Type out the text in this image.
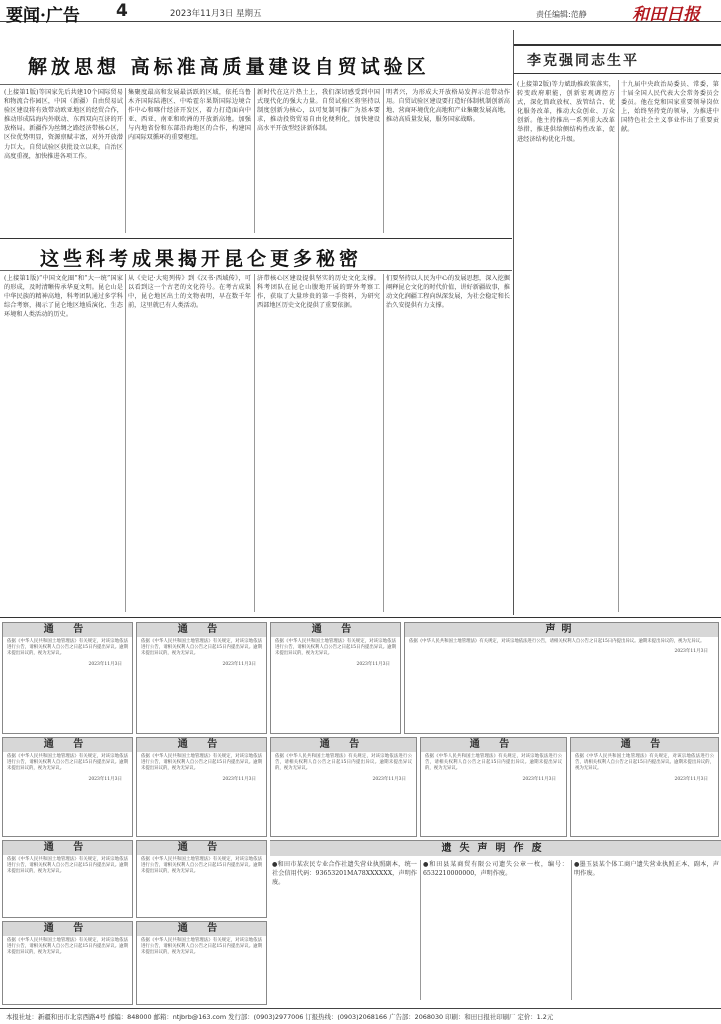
要闻·广告 4	2023年11月3日 星期五	责任编辑:范静	和田日报
解放思想 高标准高质量建设自贸试验区

(上接第1版)等国家先后共建10个国际贸易和物流合作园区，中国（新疆）自由贸易试验区建设将有效带动欧亚地区的经贸合作，推动形成陆海内外联动、东西双向互济的开放格局。新疆作为丝绸之路经济带核心区，区位优势明显，资源禀赋丰富，对外开放潜力巨大。自贸试验区获批设立以来，自治区高度重视，加快推进各项工作。

集聚度最高和发展最活跃的区域，依托乌鲁木齐国际陆港区、中哈霍尔果斯国际边境合作中心和喀什经济开发区，着力打造面向中亚、西亚、南亚和欧洲的开放新高地。加强与内地省份和东部沿海地区的合作，构建国内国际双循环的重要枢纽。

新时代在这片热土上，我们深切感受到中国式现代化的强大力量。自贸试验区将坚持以制度创新为核心，以可复制可推广为基本要求，推动投资贸易自由化便利化，加快建设高水平开放型经济新体制。

明者兴，为形成大开放格局发挥示范带动作用。自贸试验区建设要打造好体制机制创新高地、营商环境优化高地和产业集聚发展高地，推动高质量发展，服务国家战略。

李克强同志生平

(上接第2版)等力斌助推政策落实，转变政府职能，创新宏观调控方式，深化简政放权、放管结合、优化服务改革，推动大众创业、万众创新。他主持推出一系列重大改革举措，推进供给侧结构性改革，促进经济结构优化升级。

十九届中央政治局委员、常委，第十届全国人民代表大会常务委员会委员。他在党和国家重要领导岗位上，始终坚持党的领导，为推进中国特色社会主义事业作出了重要贡献。

这些科考成果揭开昆仑更多秘密

(上接第1版)“中国文化圈”和“大一统”国家的形成，及时清晰传承华夏文明。昆仑山是中华民族的精神高地，科考团队通过多学科综合考察，揭示了昆仑地区地质演化、生态环境和人类活动的历史。

从《史记·大宛列传》到《汉书·西域传》，可以看到这一个古老的文化符号。在考古成果中，昆仑地区出土的文物表明，早在数千年前，这里就已有人类活动。

济带核心区建设提供坚实的历史文化支撑。科考团队在昆仑山腹地开展的野外考察工作，获取了大量珍贵的第一手资料，为研究西部地区历史文化提供了重要依据。

们要坚持以人民为中心的发展思想，深入挖掘阐释昆仑文化的时代价值，讲好新疆故事，推动文化润疆工程向纵深发展，为社会稳定和长治久安提供有力支撑。

通 告

依据《中华人民共和国土地管理法》有关规定，对该宗地依法进行公告，请相关权利人自公告之日起15日内提出异议。逾期未提出异议的，视为无异议。

2023年11月3日
通 告

依据《中华人民共和国土地管理法》有关规定，对该宗地依法进行公告，请相关权利人自公告之日起15日内提出异议。逾期未提出异议的，视为无异议。

2023年11月3日
通 告

依据《中华人民共和国土地管理法》有关规定，对该宗地依法进行公告，请相关权利人自公告之日起15日内提出异议。逾期未提出异议的，视为无异议。

2023年11月3日
声明

依据《中华人民共和国土地管理法》有关规定，对该宗地依法进行公告，请相关权利人自公告之日起15日内提出异议。逾期未提出异议的，视为无异议。

2023年11月3日
通 告

依据《中华人民共和国土地管理法》有关规定，对该宗地依法进行公告，请相关权利人自公告之日起15日内提出异议。逾期未提出异议的，视为无异议。

2023年11月3日
通 告

依据《中华人民共和国土地管理法》有关规定，对该宗地依法进行公告，请相关权利人自公告之日起15日内提出异议。逾期未提出异议的，视为无异议。

2023年11月3日
通 告

依据《中华人民共和国土地管理法》有关规定，对该宗地依法进行公告，请相关权利人自公告之日起15日内提出异议。逾期未提出异议的，视为无异议。

2023年11月3日
通 告

依据《中华人民共和国土地管理法》有关规定，对该宗地依法进行公告，请相关权利人自公告之日起15日内提出异议。逾期未提出异议的，视为无异议。

2023年11月3日
通 告

依据《中华人民共和国土地管理法》有关规定，对该宗地依法进行公告，请相关权利人自公告之日起15日内提出异议。逾期未提出异议的，视为无异议。

2023年11月3日
通 告

依据《中华人民共和国土地管理法》有关规定，对该宗地依法进行公告，请相关权利人自公告之日起15日内提出异议。逾期未提出异议的，视为无异议。

通 告

依据《中华人民共和国土地管理法》有关规定，对该宗地依法进行公告，请相关权利人自公告之日起15日内提出异议。逾期未提出异议的，视为无异议。

通 告

依据《中华人民共和国土地管理法》有关规定，对该宗地依法进行公告，请相关权利人自公告之日起15日内提出异议。逾期未提出异议的，视为无异议。

通 告

依据《中华人民共和国土地管理法》有关规定，对该宗地依法进行公告，请相关权利人自公告之日起15日内提出异议。逾期未提出异议的，视为无异议。

遗失声明作废

●和田市某农民专业合作社遗失营业执照副本，统一社会信用代码：93653201MA78XXXXXX，声明作废。

●和田县某商贸有限公司遗失公章一枚，编号：6532210000000，声明作废。

●墨玉县某个体工商户遗失营业执照正本、副本，声明作废。

本报社址：新疆和田市北京西路4号 邮编：848000 邮箱：ntjbrb@163.com 发行部：(0903)2977006 订报热线：(0903)2068166 广告部：2068030 印刷：和田日报社印刷厂 定价：1.2元
